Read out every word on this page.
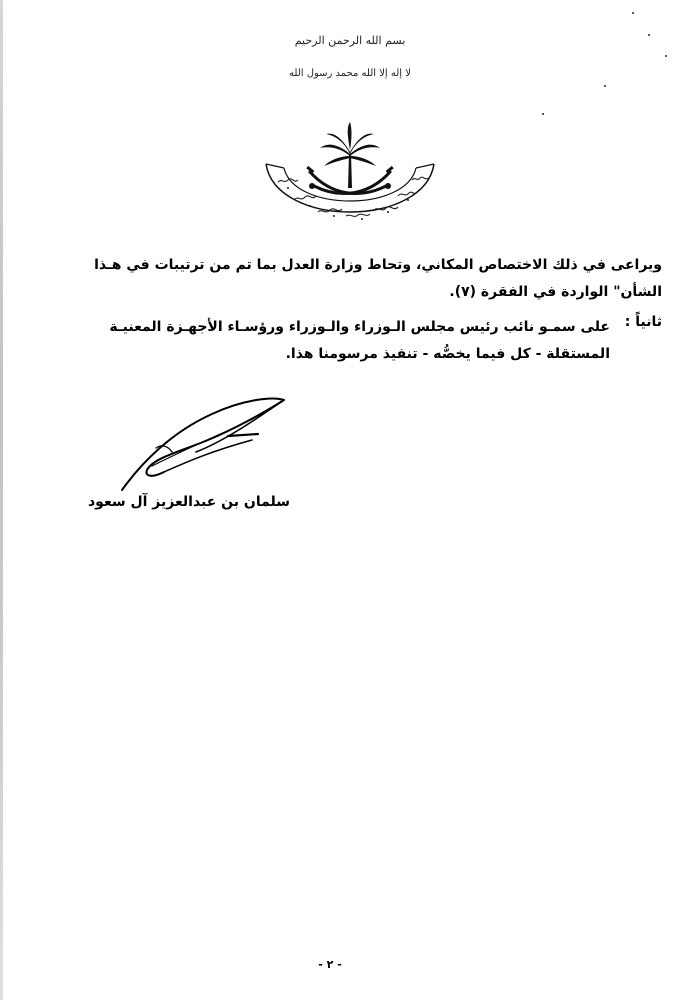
بسم الله الرحمن الرحيم
لا إله إلا الله محمد رسول الله
ويراعى في ذلك الاختصاص المكاني، وتحاط وزارة العدل بما تم من ترتيبات في هـذا
الشأن" الواردة في الفقرة (٧).
ثانياً :
على سمـو نائب رئيس مجلس الـوزراء والـوزراء ورؤسـاء الأجهـزة المعنيـة
المستقلة - كل فيما يخصُّه - تنفيذ مرسومنا هذا.
سلمان بن عبدالعزيز آل سعود
- ٢ -
